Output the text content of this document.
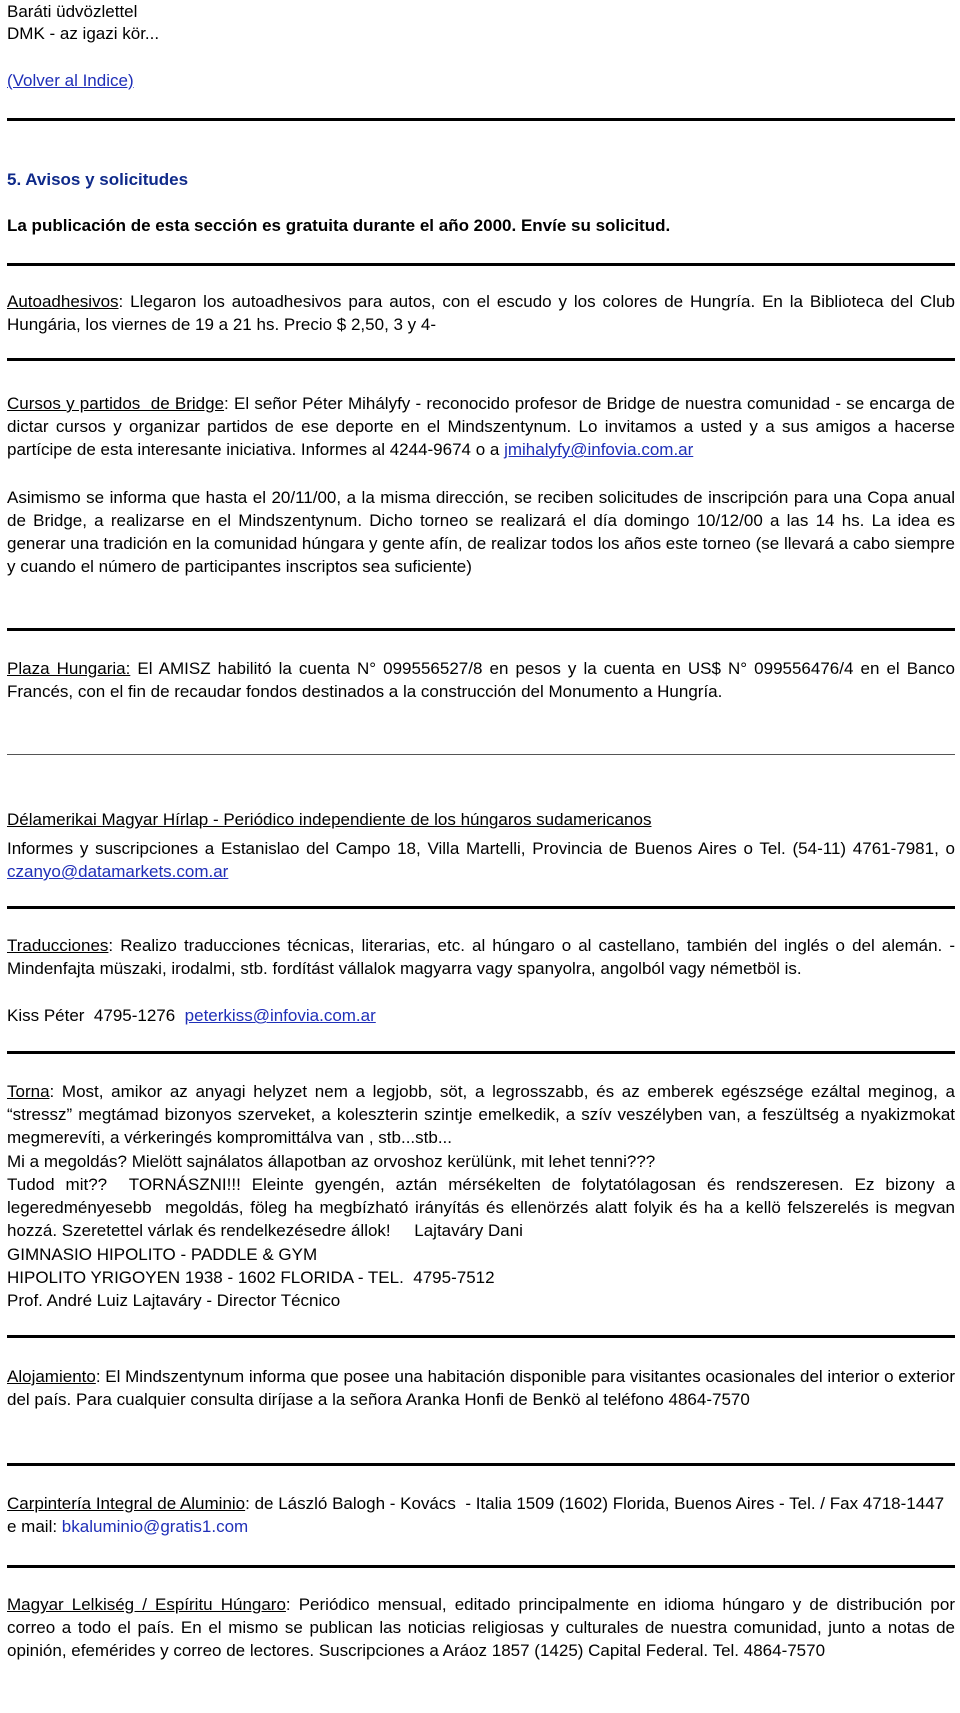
Baráti üdvözlettel
DMK - az igazi kör...
(Volver al Indice)
5. Avisos y solicitudes
La publicación de esta sección es gratuita durante el año 2000. Envíe su solicitud.
Autoadhesivos: Llegaron los autoadhesivos para autos, con el escudo y los colores de Hungría. En la Biblioteca del Club Hungária, los viernes de 19 a 21 hs. Precio $ 2,50, 3 y 4-
Cursos y partidos  de Bridge: El señor Péter Mihályfy - reconocido profesor de Bridge de nuestra comunidad - se encarga de dictar cursos y organizar partidos de ese deporte en el Mindszentynum. Lo invitamos a usted y a sus amigos a hacerse partícipe de esta interesante iniciativa. Informes al 4244-9674 o a jmihalyfy@infovia.com.ar
Asimismo se informa que hasta el 20/11/00, a la misma dirección, se reciben solicitudes de inscripción para una Copa anual de Bridge, a realizarse en el Mindszentynum. Dicho torneo se realizará el día domingo 10/12/00 a las 14 hs. La idea es generar una tradición en la comunidad húngara y gente afín, de realizar todos los años este torneo (se llevará a cabo siempre y cuando el número de participantes inscriptos sea suficiente)
Plaza Hungaria: El AMISZ habilitó la cuenta N° 099556527/8 en pesos y la cuenta en US$ N° 099556476/4 en el Banco Francés, con el fin de recaudar fondos destinados a la construcción del Monumento a Hungría.
Délamerikai Magyar Hírlap - Periódico independiente de los húngaros sudamericanos
Informes y suscripciones a Estanislao del Campo 18, Villa Martelli, Provincia de Buenos Aires o Tel. (54-11) 4761-7981, o czanyo@datamarkets.com.ar
Traducciones: Realizo traducciones técnicas, literarias, etc. al húngaro o al castellano, también del inglés o del alemán. - Mindenfajta müszaki, irodalmi, stb. fordítást vállalok magyarra vagy spanyolra, angolból vagy németböl is.
Kiss Péter  4795-1276  peterkiss@infovia.com.ar
Torna: Most, amikor az anyagi helyzet nem a legjobb, söt, a legrosszabb, és az emberek egészsége ezáltal meginog, a “stressz” megtámad bizonyos szerveket, a koleszterin szintje emelkedik, a szív veszélyben van, a feszültség a nyakizmokat megmerevíti, a vérkeringés kompromittálva van , stb...stb...
Mi a megoldás? Mielött sajnálatos állapotban az orvoshoz kerülünk, mit lehet tenni???
Tudod mit??  TORNÁSZNI!!! Eleinte gyengén, aztán mérsékelten de folytatólagosan és rendszeresen. Ez bizony a legeredményesebb  megoldás, föleg ha megbízható irányítás és ellenörzés alatt folyik és ha a kellö felszerelés is megvan hozzá. Szeretettel várlak és rendelkezésedre állok!     Lajtaváry Dani
GIMNASIO HIPOLITO - PADDLE & GYM
HIPOLITO YRIGOYEN 1938 - 1602 FLORIDA - TEL.  4795-7512
Prof. André Luiz Lajtaváry - Director Técnico
Alojamiento: El Mindszentynum informa que posee una habitación disponible para visitantes ocasionales del interior o exterior del país. Para cualquier consulta diríjase a la señora Aranka Honfi de Benkö al teléfono 4864-7570
Carpintería Integral de Aluminio: de László Balogh - Kovács  - Italia 1509 (1602) Florida, Buenos Aires - Tel. / Fax 4718-1447 e mail: bkaluminio@gratis1.com
Magyar Lelkiség / Espíritu Húngaro: Periódico mensual, editado principalmente en idioma húngaro y de distribución por correo a todo el país. En el mismo se publican las noticias religiosas y culturales de nuestra comunidad, junto a notas de opinión, efemérides y correo de lectores. Suscripciones a Aráoz 1857 (1425) Capital Federal. Tel. 4864-7570
